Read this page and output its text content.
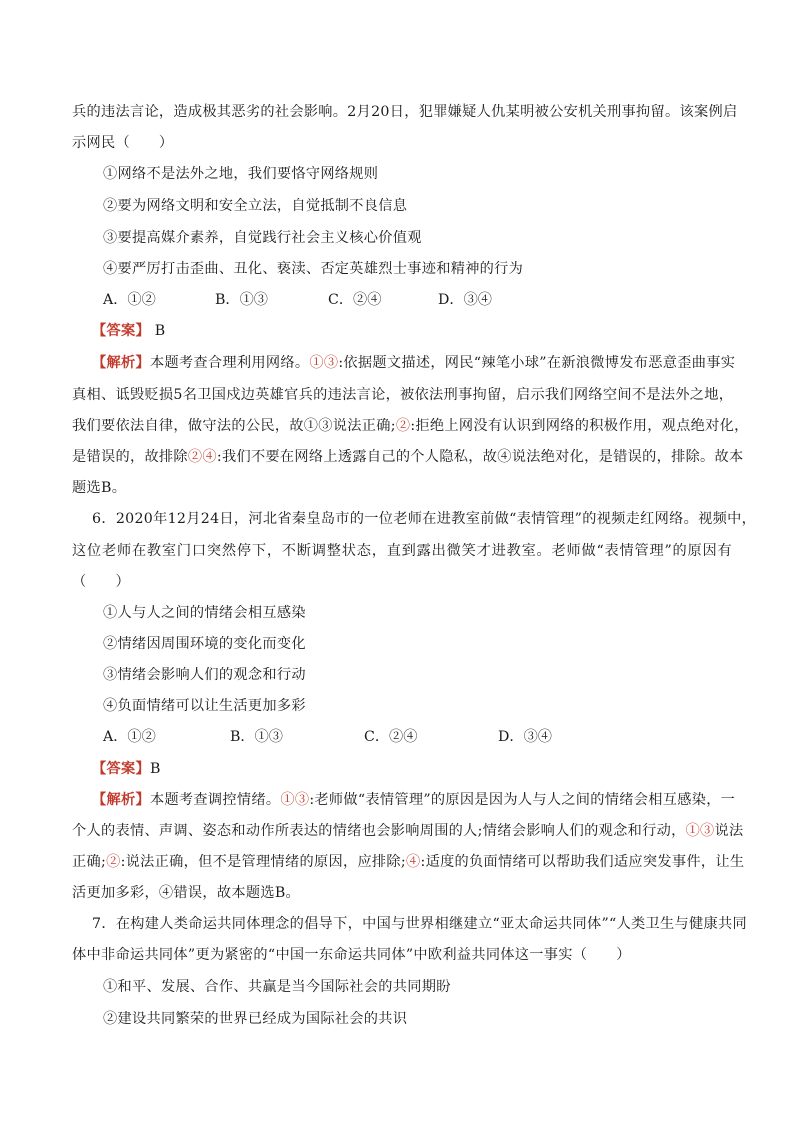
兵的违法言论，造成极其恶劣的社会影响。2月20日，犯罪嫌疑人仇某明被公安机关刑事拘留。该案例启
示网民（　　）
①网络不是法外之地，我们要恪守网络规则
②要为网络文明和安全立法，自觉抵制不良信息
③要提高媒介素养，自觉践行社会主义核心价值观
④要严厉打击歪曲、丑化、亵渎、否定英雄烈士事迹和精神的行为
A．①②	B．①③	C．②④	D．③④
【答案】 B
【解析】本题考查合理利用网络。①③:依据题文描述，网民“辣笔小球”在新浪微博发布恶意歪曲事实
真相、诋毁贬损5名卫国戍边英雄官兵的违法言论，被依法刑事拘留，启示我们网络空间不是法外之地，
我们要依法自律，做守法的公民，故①③说法正确;②:拒绝上网没有认识到网络的积极作用，观点绝对化，
是错误的，故排除②④:我们不要在网络上透露自己的个人隐私，故④说法绝对化，是错误的，排除。故本
题选B。
6．2020年12月24日，河北省秦皇岛市的一位老师在进教室前做“表情管理”的视频走红网络。视频中，
这位老师在教室门口突然停下，不断调整状态，直到露出微笑才进教室。老师做“表情管理”的原因有
（　　）
①人与人之间的情绪会相互感染
②情绪因周围环境的变化而变化
③情绪会影响人们的观念和行动
④负面情绪可以让生活更加多彩
A．①②	B．①③	C．②④	D．③④
【答案】B
【解析】本题考查调控情绪。①③:老师做“表情管理”的原因是因为人与人之间的情绪会相互感染，一
个人的表情、声调、姿态和动作所表达的情绪也会影响周围的人;情绪会影响人们的观念和行动，①③说法
正确;②:说法正确，但不是管理情绪的原因，应排除;④:适度的负面情绪可以帮助我们适应突发事件，让生
活更加多彩，④错误，故本题选B。
7．在构建人类命运共同体理念的倡导下，中国与世界相继建立“亚太命运共同体”“人类卫生与健康共同
体中非命运共同体”更为紧密的“中国一东命运共同体”中欧利益共同体这一事实（　　）
①和平、发展、合作、共赢是当今国际社会的共同期盼
②建设共同繁荣的世界已经成为国际社会的共识
